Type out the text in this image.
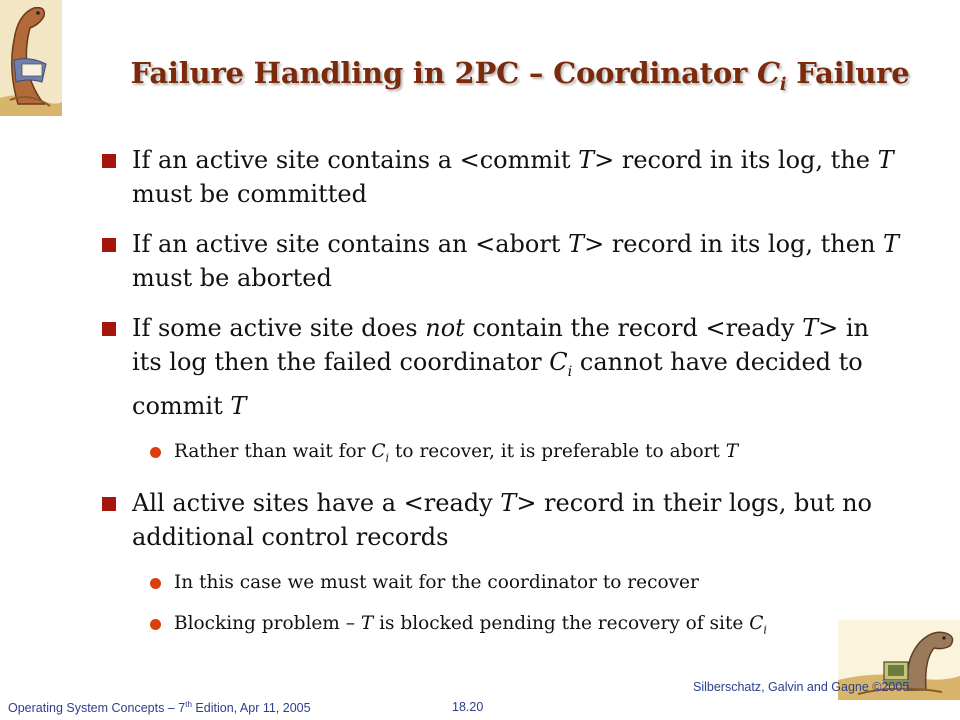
Failure Handling in 2PC – Coordinator $C_i$ Failure
If an active site contains a <commit T> record in its log, the T must be committed
If an active site contains an <abort T> record in its log, then T must be aborted
If some active site does not contain the record <ready T> in its log then the failed coordinator $C_i$ cannot have decided to commit T
Rather than wait for $C_i$ to recover, it is preferable to abort T
All active sites have a <ready T> record in their logs, but no additional control records
In this case we must wait for the coordinator to recover
Blocking problem – T is blocked pending the recovery of site $C_i$
Operating System Concepts – 7th Edition, Apr 11, 2005	18.20
Silberschatz, Galvin and Gagne ©2005
